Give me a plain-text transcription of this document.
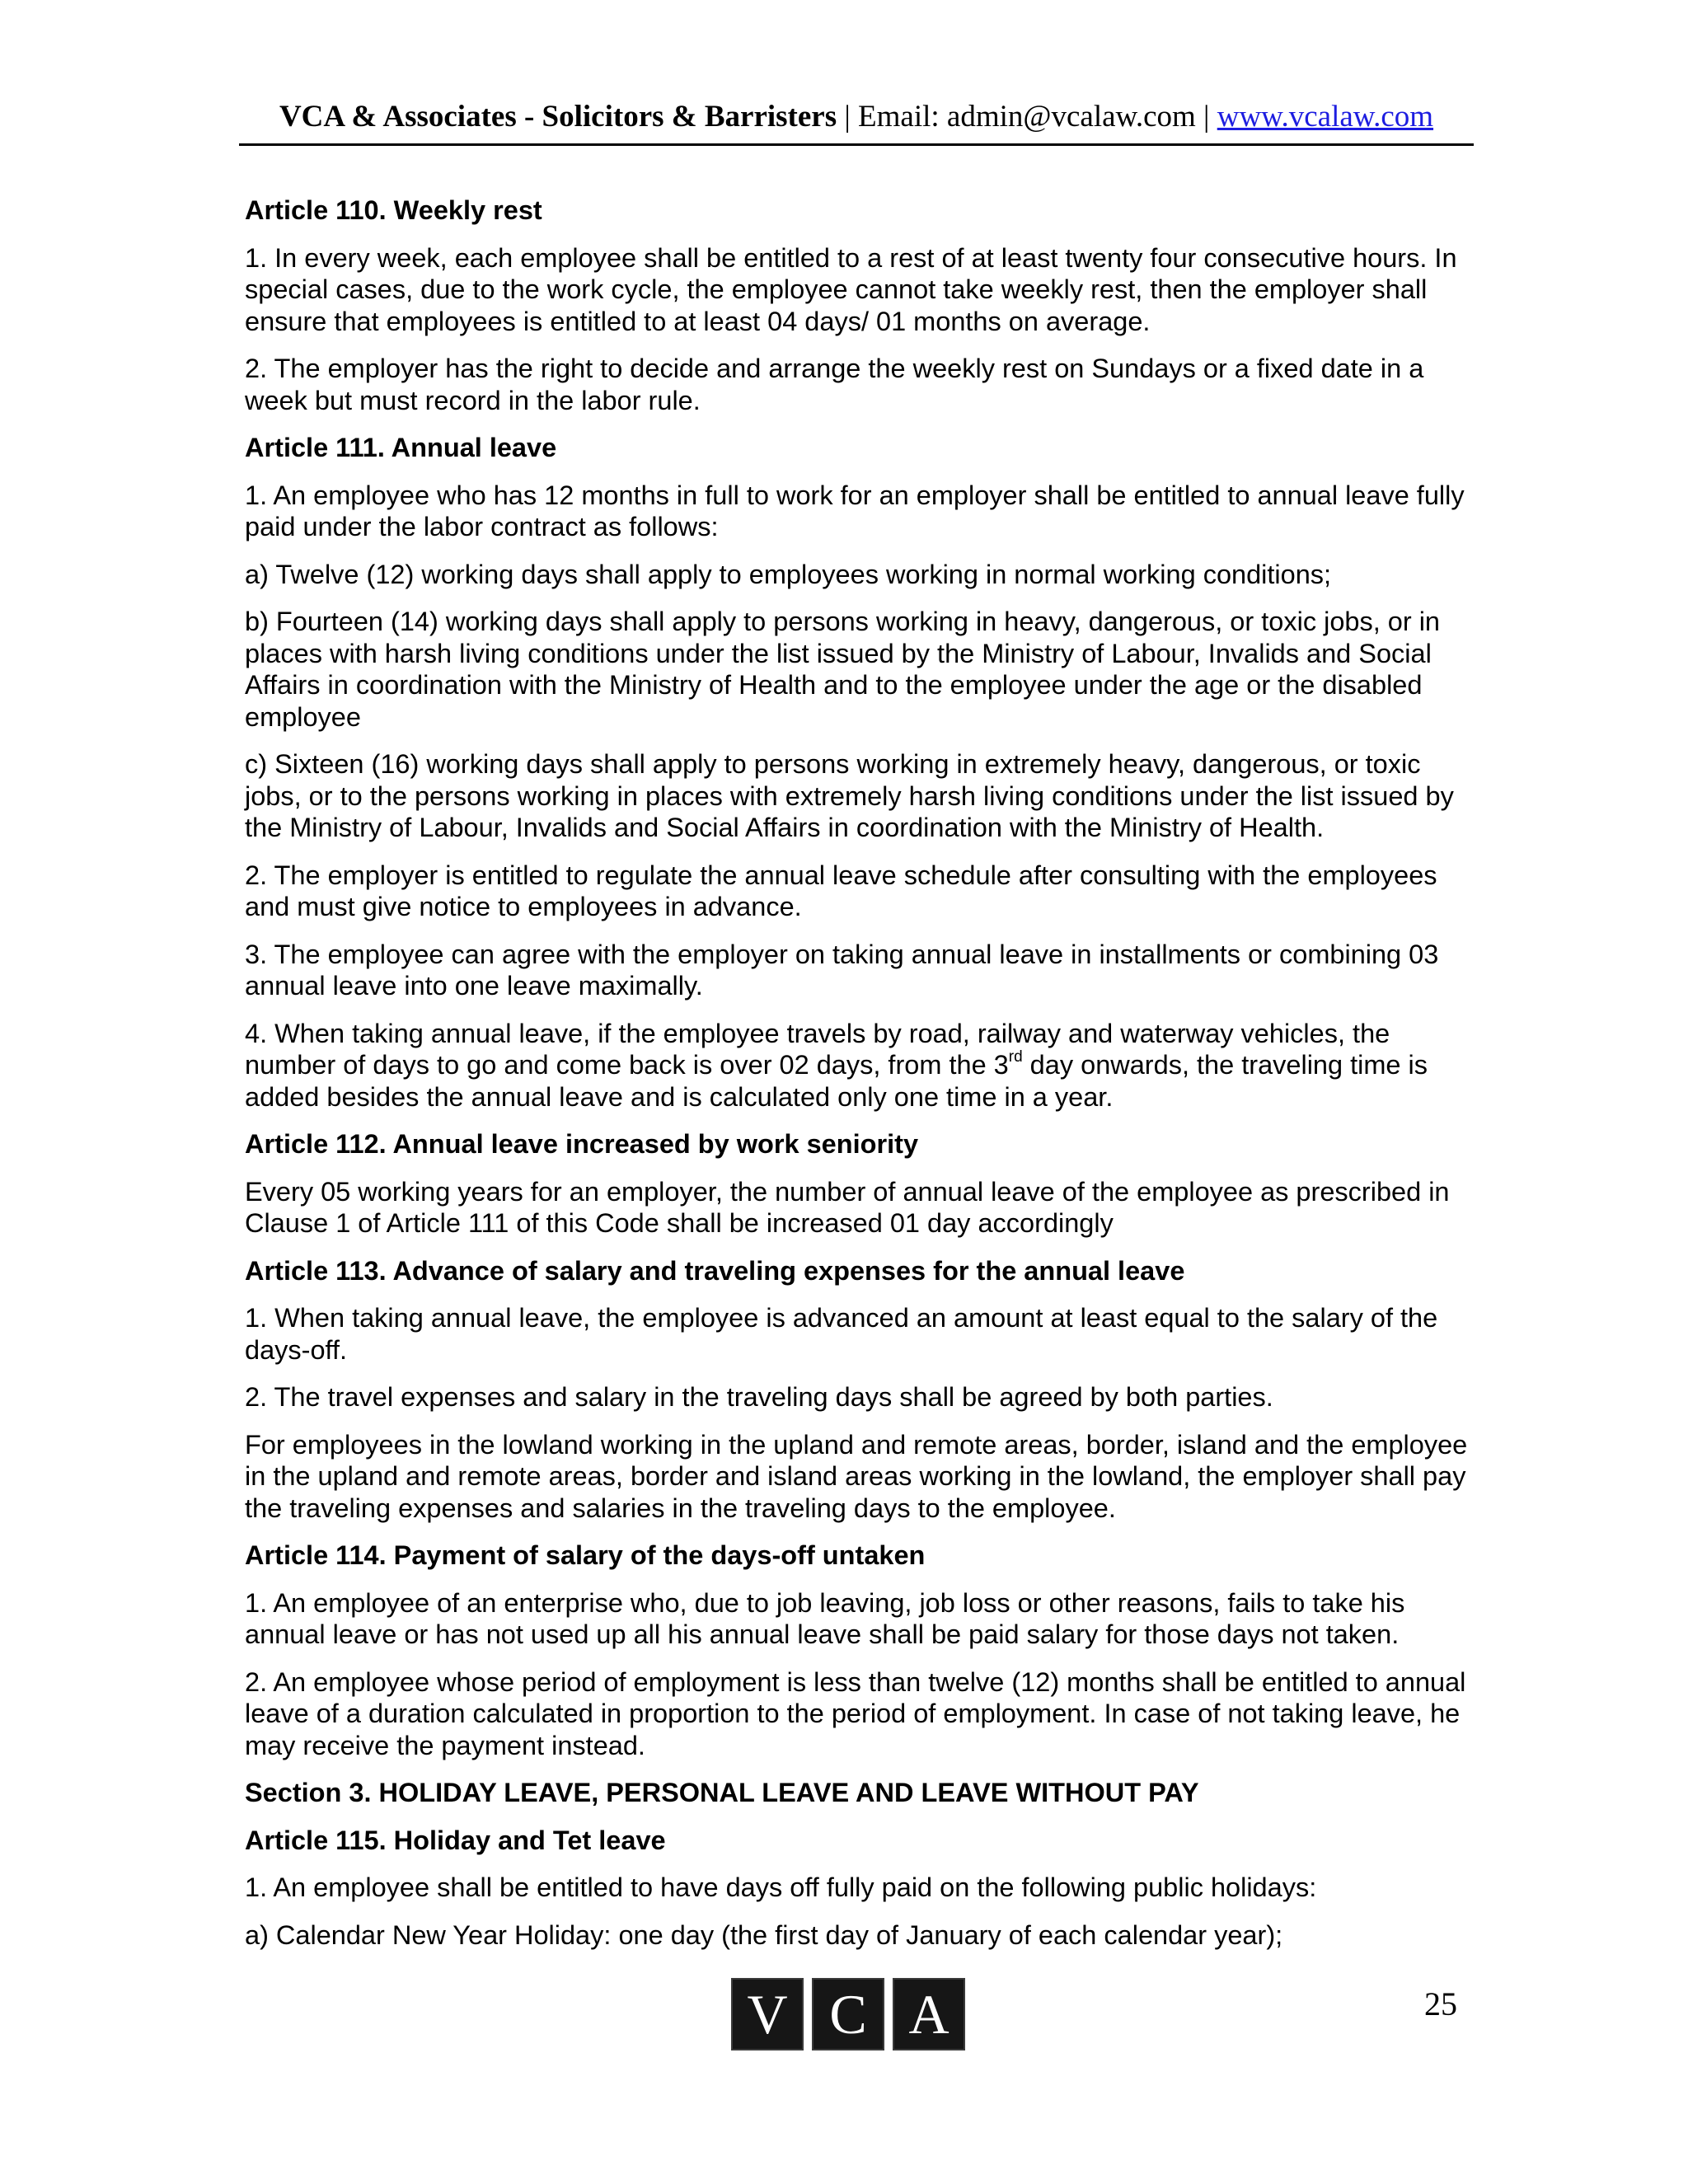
VCA & Associates - Solicitors & Barristers | Email: admin@vcalaw.com | www.vcalaw.com
Article 110. Weekly rest

1. In every week, each employee shall be entitled to a rest of at least twenty four consecutive hours. In special cases, due to the work cycle, the employee cannot take weekly rest, then the employer shall ensure that employees is entitled to at least 04 days/ 01 months on average.

2. The employer has the right to decide and arrange the weekly rest on Sundays or a fixed date in a week but must record in the labor rule.

Article 111. Annual leave

1. An employee who has 12 months in full to work for an employer shall be entitled to annual leave fully paid under the labor contract as follows:

a) Twelve (12) working days shall apply to employees working in normal working conditions;

b) Fourteen (14) working days shall apply to persons working in heavy, dangerous, or toxic jobs, or in places with harsh living conditions under the list issued by the Ministry of Labour, Invalids and Social Affairs in coordination with the Ministry of Health and to the employee under the age or the disabled employee

c) Sixteen (16) working days shall apply to persons working in extremely heavy, dangerous, or toxic jobs, or to the persons working in places with extremely harsh living conditions under the list issued by the Ministry of Labour, Invalids and Social Affairs in coordination with the Ministry of Health.

2. The employer is entitled to regulate the annual leave schedule after consulting with the employees and must give notice to employees in advance.

3. The employee can agree with the employer on taking annual leave in installments or combining 03 annual leave into one leave maximally.

4. When taking annual leave, if the employee travels by road, railway and waterway vehicles, the number of days to go and come back is over 02 days, from the 3rd day onwards, the traveling time is added besides the annual leave and is calculated only one time in a year.

Article 112. Annual leave increased by work seniority

Every 05 working years for an employer, the number of annual leave of the employee as prescribed in Clause 1 of Article 111 of this Code shall be increased 01 day accordingly

Article 113. Advance of salary and traveling expenses for the annual leave

1. When taking annual leave, the employee is advanced an amount at least equal to the salary of the days-off.

2. The travel expenses and salary in the traveling days shall be agreed by both parties.

For employees in the lowland working in the upland and remote areas, border, island and the employee in the upland and remote areas, border and island areas working in the lowland, the employer shall pay the traveling expenses and salaries in the traveling days to the employee.

Article 114. Payment of salary of the days-off untaken

1. An employee of an enterprise who, due to job leaving, job loss or other reasons, fails to take his annual leave or has not used up all his annual leave shall be paid salary for those days not taken.

2. An employee whose period of employment is less than twelve (12) months shall be entitled to annual leave of a duration calculated in proportion to the period of employment. In case of not taking leave, he may receive the payment instead.

Section 3. HOLIDAY LEAVE, PERSONAL LEAVE AND LEAVE WITHOUT PAY
Article 115. Holiday and Tet leave

1. An employee shall be entitled to have days off fully paid on the following public holidays:

a) Calendar New Year Holiday: one day (the first day of January of each calendar year);

V C A	25
